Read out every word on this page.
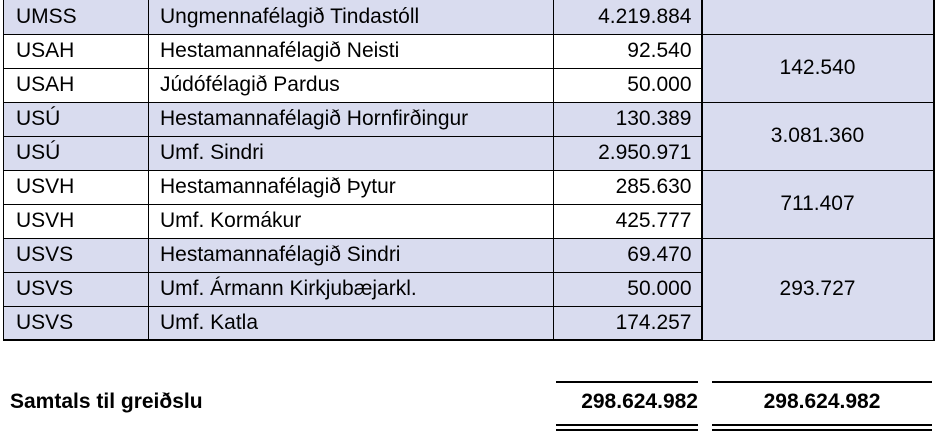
UMSS	Ungmennafélagið Tindastóll	4.219.884	
USAH	Hestamannafélagið Neisti	92.540	142.540
USAH	Júdófélagið Pardus	50.000	
USÚ	Hestamannafélagið Hornfirðingur	130.389	3.081.360
USÚ	Umf. Sindri	2.950.971	
USVH	Hestamannafélagið Þytur	285.630	711.407
USVH	Umf. Kormákur	425.777	
USVS	Hestamannafélagið Sindri	69.470	293.727
USVS	Umf. Ármann Kirkjubæjarkl.	50.000	
USVS	Umf. Katla	174.257	
Samtals til greiðslu	298.624.982	298.624.982
